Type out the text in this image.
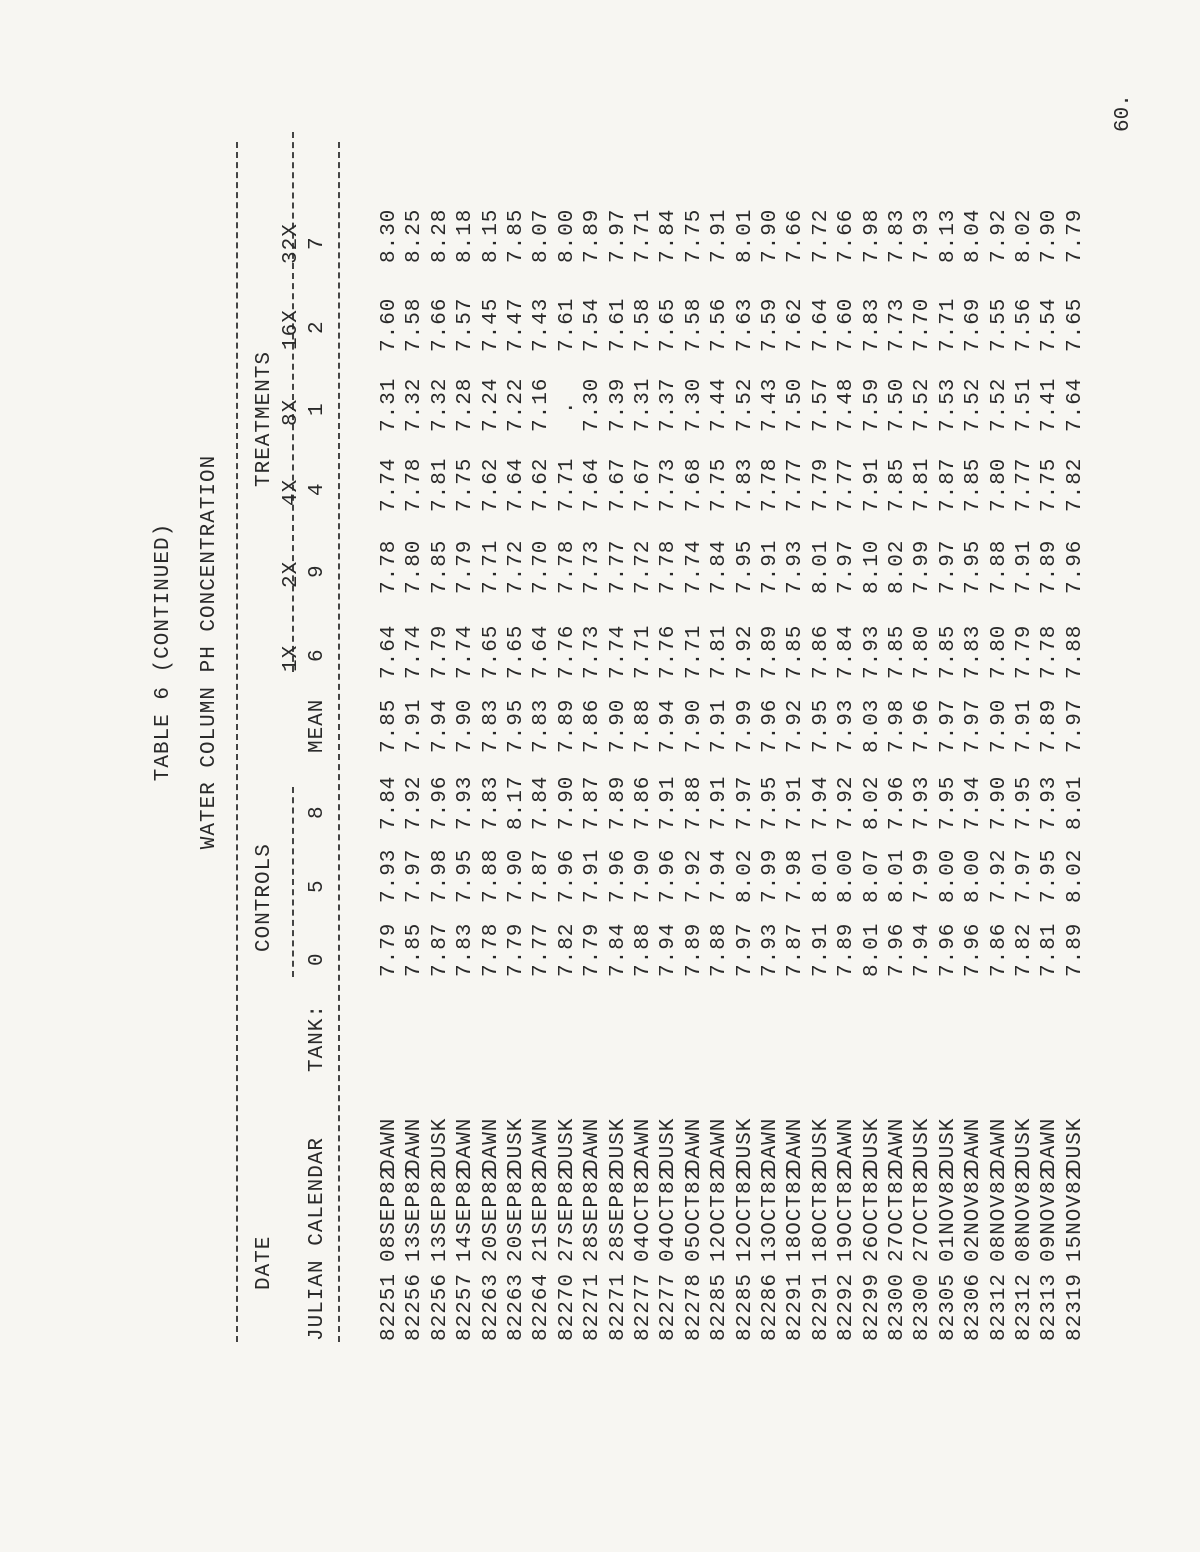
60.
TABLE 6 (CONTINUED) WATER COLUMN PH CONCENTRATION
DATE
CONTROLS
TREATMENTS
JULIAN CALENDAR
TANK:
0
5
8
MEAN
1X 6
2X 9
4X 4
8X 1
16X 2
32X 7
82251
08SEP82
DAWN
7.79
7.93
7.84
7.85
7.64
7.78
7.74
7.31
7.60
8.30
82256
13SEP82
DAWN
7.85
7.97
7.92
7.91
7.74
7.80
7.78
7.32
7.58
8.25
82256
13SEP82
DUSK
7.87
7.98
7.96
7.94
7.79
7.85
7.81
7.32
7.66
8.28
82257
14SEP82
DAWN
7.83
7.95
7.93
7.90
7.74
7.79
7.75
7.28
7.57
8.18
82263
20SEP82
DAWN
7.78
7.88
7.83
7.83
7.65
7.71
7.62
7.24
7.45
8.15
82263
20SEP82
DUSK
7.79
7.90
8.17
7.95
7.65
7.72
7.64
7.22
7.47
7.85
82264
21SEP82
DAWN
7.77
7.87
7.84
7.83
7.64
7.70
7.62
7.16
7.43
8.07
82270
27SEP82
DUSK
7.82
7.96
7.90
7.89
7.76
7.78
7.71
.
7.61
8.00
82271
28SEP82
DAWN
7.79
7.91
7.87
7.86
7.73
7.73
7.64
7.30
7.54
7.89
82271
28SEP82
DUSK
7.84
7.96
7.89
7.90
7.74
7.77
7.67
7.39
7.61
7.97
82277
04OCT82
DAWN
7.88
7.90
7.86
7.88
7.71
7.72
7.67
7.31
7.58
7.71
82277
04OCT82
DUSK
7.94
7.96
7.91
7.94
7.76
7.78
7.73
7.37
7.65
7.84
82278
05OCT82
DAWN
7.89
7.92
7.88
7.90
7.71
7.74
7.68
7.30
7.58
7.75
82285
12OCT82
DAWN
7.88
7.94
7.91
7.91
7.81
7.84
7.75
7.44
7.56
7.91
82285
12OCT82
DUSK
7.97
8.02
7.97
7.99
7.92
7.95
7.83
7.52
7.63
8.01
82286
13OCT82
DAWN
7.93
7.99
7.95
7.96
7.89
7.91
7.78
7.43
7.59
7.90
82291
18OCT82
DAWN
7.87
7.98
7.91
7.92
7.85
7.93
7.77
7.50
7.62
7.66
82291
18OCT82
DUSK
7.91
8.01
7.94
7.95
7.86
8.01
7.79
7.57
7.64
7.72
82292
19OCT82
DAWN
7.89
8.00
7.92
7.93
7.84
7.97
7.77
7.48
7.60
7.66
82299
26OCT82
DUSK
8.01
8.07
8.02
8.03
7.93
8.10
7.91
7.59
7.83
7.98
82300
27OCT82
DAWN
7.96
8.01
7.96
7.98
7.85
8.02
7.85
7.50
7.73
7.83
82300
27OCT82
DUSK
7.94
7.99
7.93
7.96
7.80
7.99
7.81
7.52
7.70
7.93
82305
01NOV82
DUSK
7.96
8.00
7.95
7.97
7.85
7.97
7.87
7.53
7.71
8.13
82306
02NOV82
DAWN
7.96
8.00
7.94
7.97
7.83
7.95
7.85
7.52
7.69
8.04
82312
08NOV82
DAWN
7.86
7.92
7.90
7.90
7.80
7.88
7.80
7.52
7.55
7.92
82312
08NOV82
DUSK
7.82
7.97
7.95
7.91
7.79
7.91
7.77
7.51
7.56
8.02
82313
09NOV82
DAWN
7.81
7.95
7.93
7.89
7.78
7.89
7.75
7.41
7.54
7.90
82319
15NOV82
DUSK
7.89
8.02
8.01
7.97
7.88
7.96
7.82
7.64
7.65
7.79
